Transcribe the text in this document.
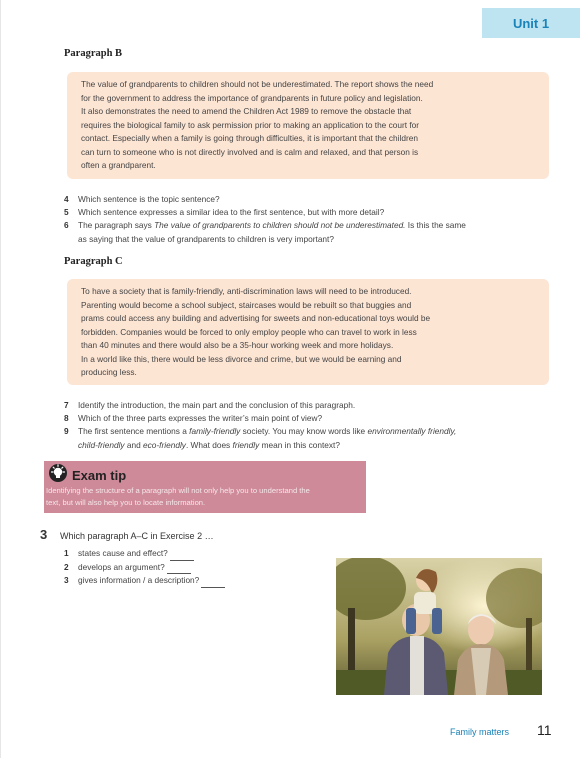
Unit 1
Paragraph B

The value of grandparents to children should not be underestimated. The report shows the need

for the government to address the importance of grandparents in future policy and legislation.

It also demonstrates the need to amend the Children Act 1989 to remove the obstacle that

requires the biological family to ask permission prior to making an application to the court for

contact. Especially when a family is going through difficulties, it is important that the children

can turn to someone who is not directly involved and is calm and relaxed, and that person is

often a grandparent.

4	Which sentence is the topic sentence?
5	Which sentence expresses a similar idea to the first sentence, but with more detail?
6	The paragraph says The value of grandparents to children should not be underestimated. Is this the same
as saying that the value of grandparents to children is very important?
Paragraph C

To have a society that is family-friendly, anti-discrimination laws will need to be introduced.

Parenting would become a school subject, staircases would be rebuilt so that buggies and

prams could access any building and advertising for sweets and non-educational toys would be

forbidden. Companies would be forced to only employ people who can travel to work in less

than 40 minutes and there would also be a 35-hour working week and more holidays.

In a world like this, there would be less divorce and crime, but we would be earning and

producing less.

7	Identify the introduction, the main part and the conclusion of this paragraph.
8	Which of the three parts expresses the writer’s main point of view?
9	The first sentence mentions a family-friendly society. You may know words like environmentally friendly,
child-friendly and eco-friendly. What does friendly mean in this context?
Exam tip
Identifying the structure of a paragraph will not only help you to understand the
text, but will also help you to locate information.
3	Which paragraph A–C in Exercise 2 …
1	states cause and effect?
2	develops an argument?
3	gives information / a description?
Family matters 11
